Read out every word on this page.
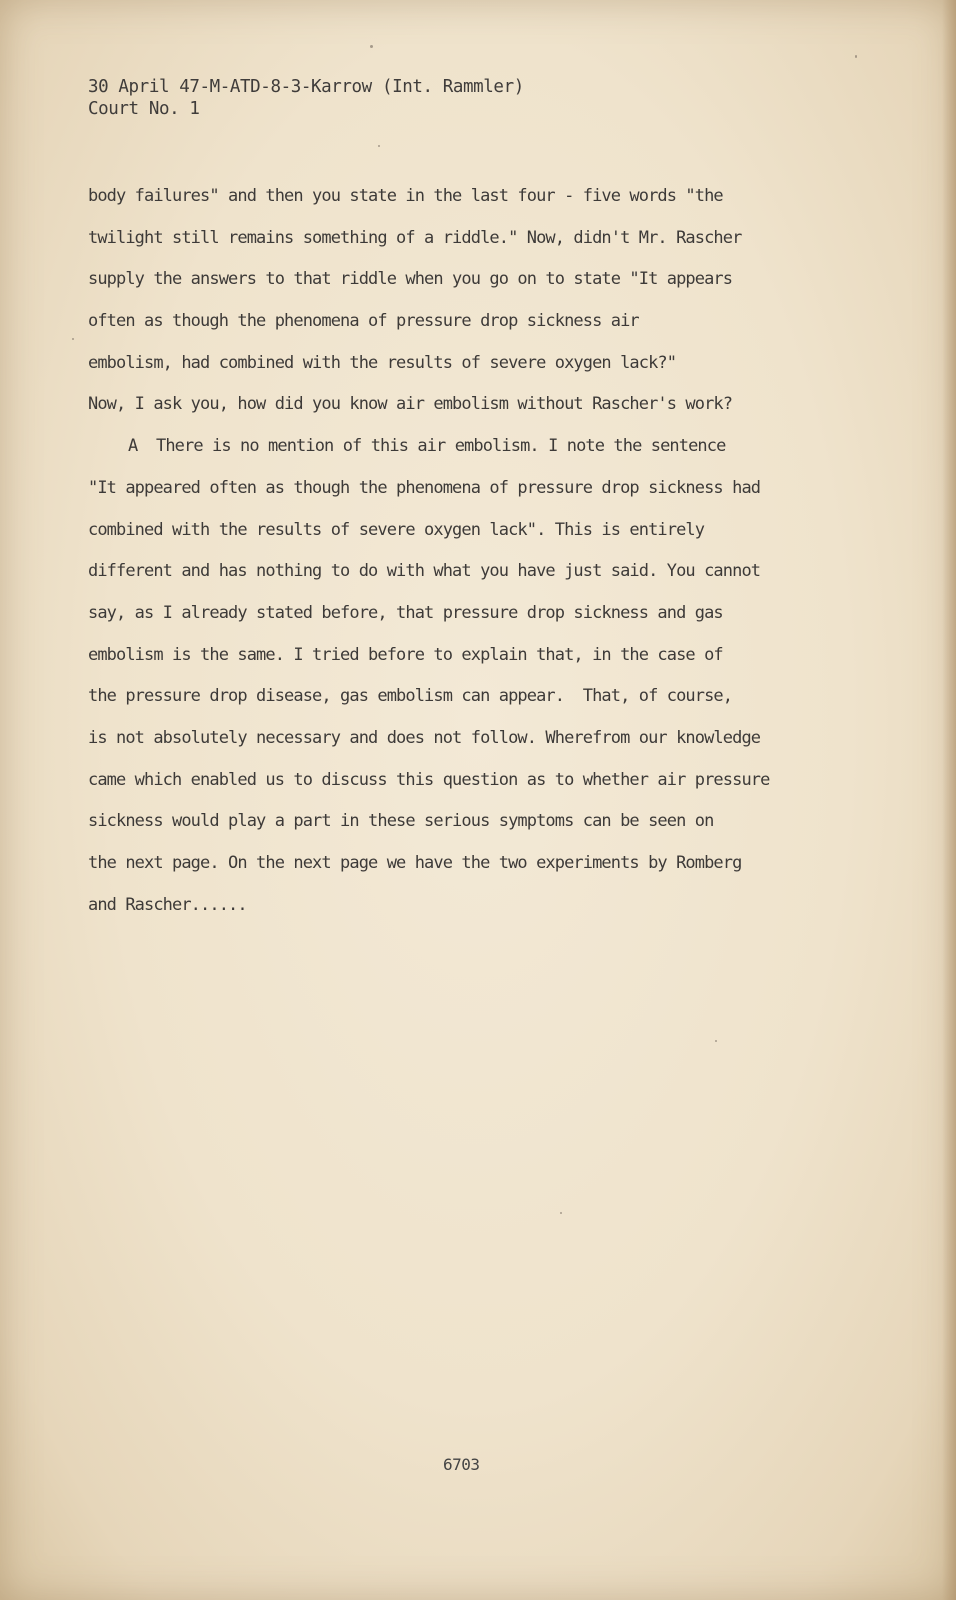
30 April 47-M-ATD-8-3-Karrow (Int. Rammler)
Court No. 1
body failures" and then you state in the last four - five words "the
twilight still remains something of a riddle." Now, didn't Mr. Rascher
supply the answers to that riddle when you go on to state "It appears
often as though the phenomena of pressure drop sickness air
embolism, had combined with the results of severe oxygen lack?"
Now, I ask you, how did you know air embolism without Rascher's work?
A  There is no mention of this air embolism. I note the sentence
"It appeared often as though the phenomena of pressure drop sickness had
combined with the results of severe oxygen lack". This is entirely
different and has nothing to do with what you have just said. You cannot
say, as I already stated before, that pressure drop sickness and gas
embolism is the same. I tried before to explain that, in the case of
the pressure drop disease, gas embolism can appear.  That, of course,
is not absolutely necessary and does not follow. Wherefrom our knowledge
came which enabled us to discuss this question as to whether air pressure
sickness would play a part in these serious symptoms can be seen on
the next page. On the next page we have the two experiments by Romberg
and Rascher......
6703
